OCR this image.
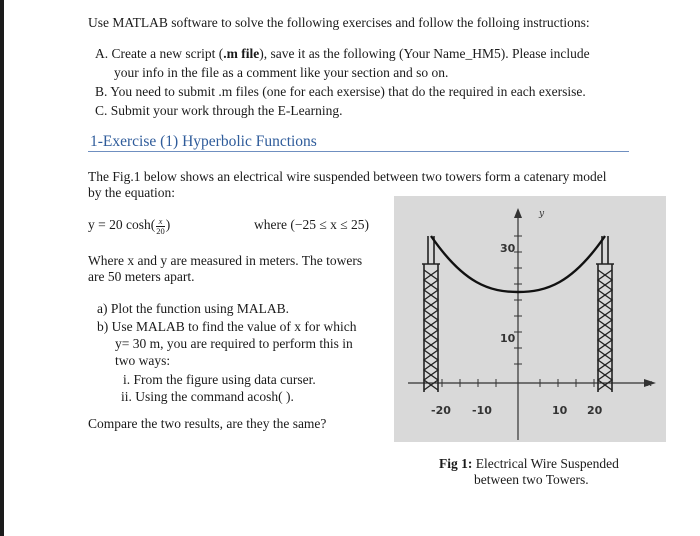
Use MATLAB software to solve the following exercises and follow the folloing instructions:
A. Create a new script (.m file), save it as the following (Your Name_HM5). Please include
your info in the file as a comment like your section and so on.
B. You need to submit .m files (one for each exersise) that do the required in each exersise.
C. Submit your work through the E-Learning.
1-Exercise (1) Hyperbolic Functions
The Fig.1 below shows an electrical wire suspended between two towers form a catenary model
by the equation:
y = 20 $\cosh( \frac{x}{20}$ )	where (−25 ≤ x ≤ 25)
Where x and y are measured in meters. The towers
are 50 meters apart.
a) Plot the function using MALAB.
b) Use MALAB to find the value of x for which
y= 30 m, you are required to perform this in
two ways:
i. From the figure using data curser.
ii. Using the command acosh( ).
Compare the two results, are they the same?
y
x
30
10
-20 -10	10 20
Fig 1: Electrical Wire Suspended
between two Towers.
